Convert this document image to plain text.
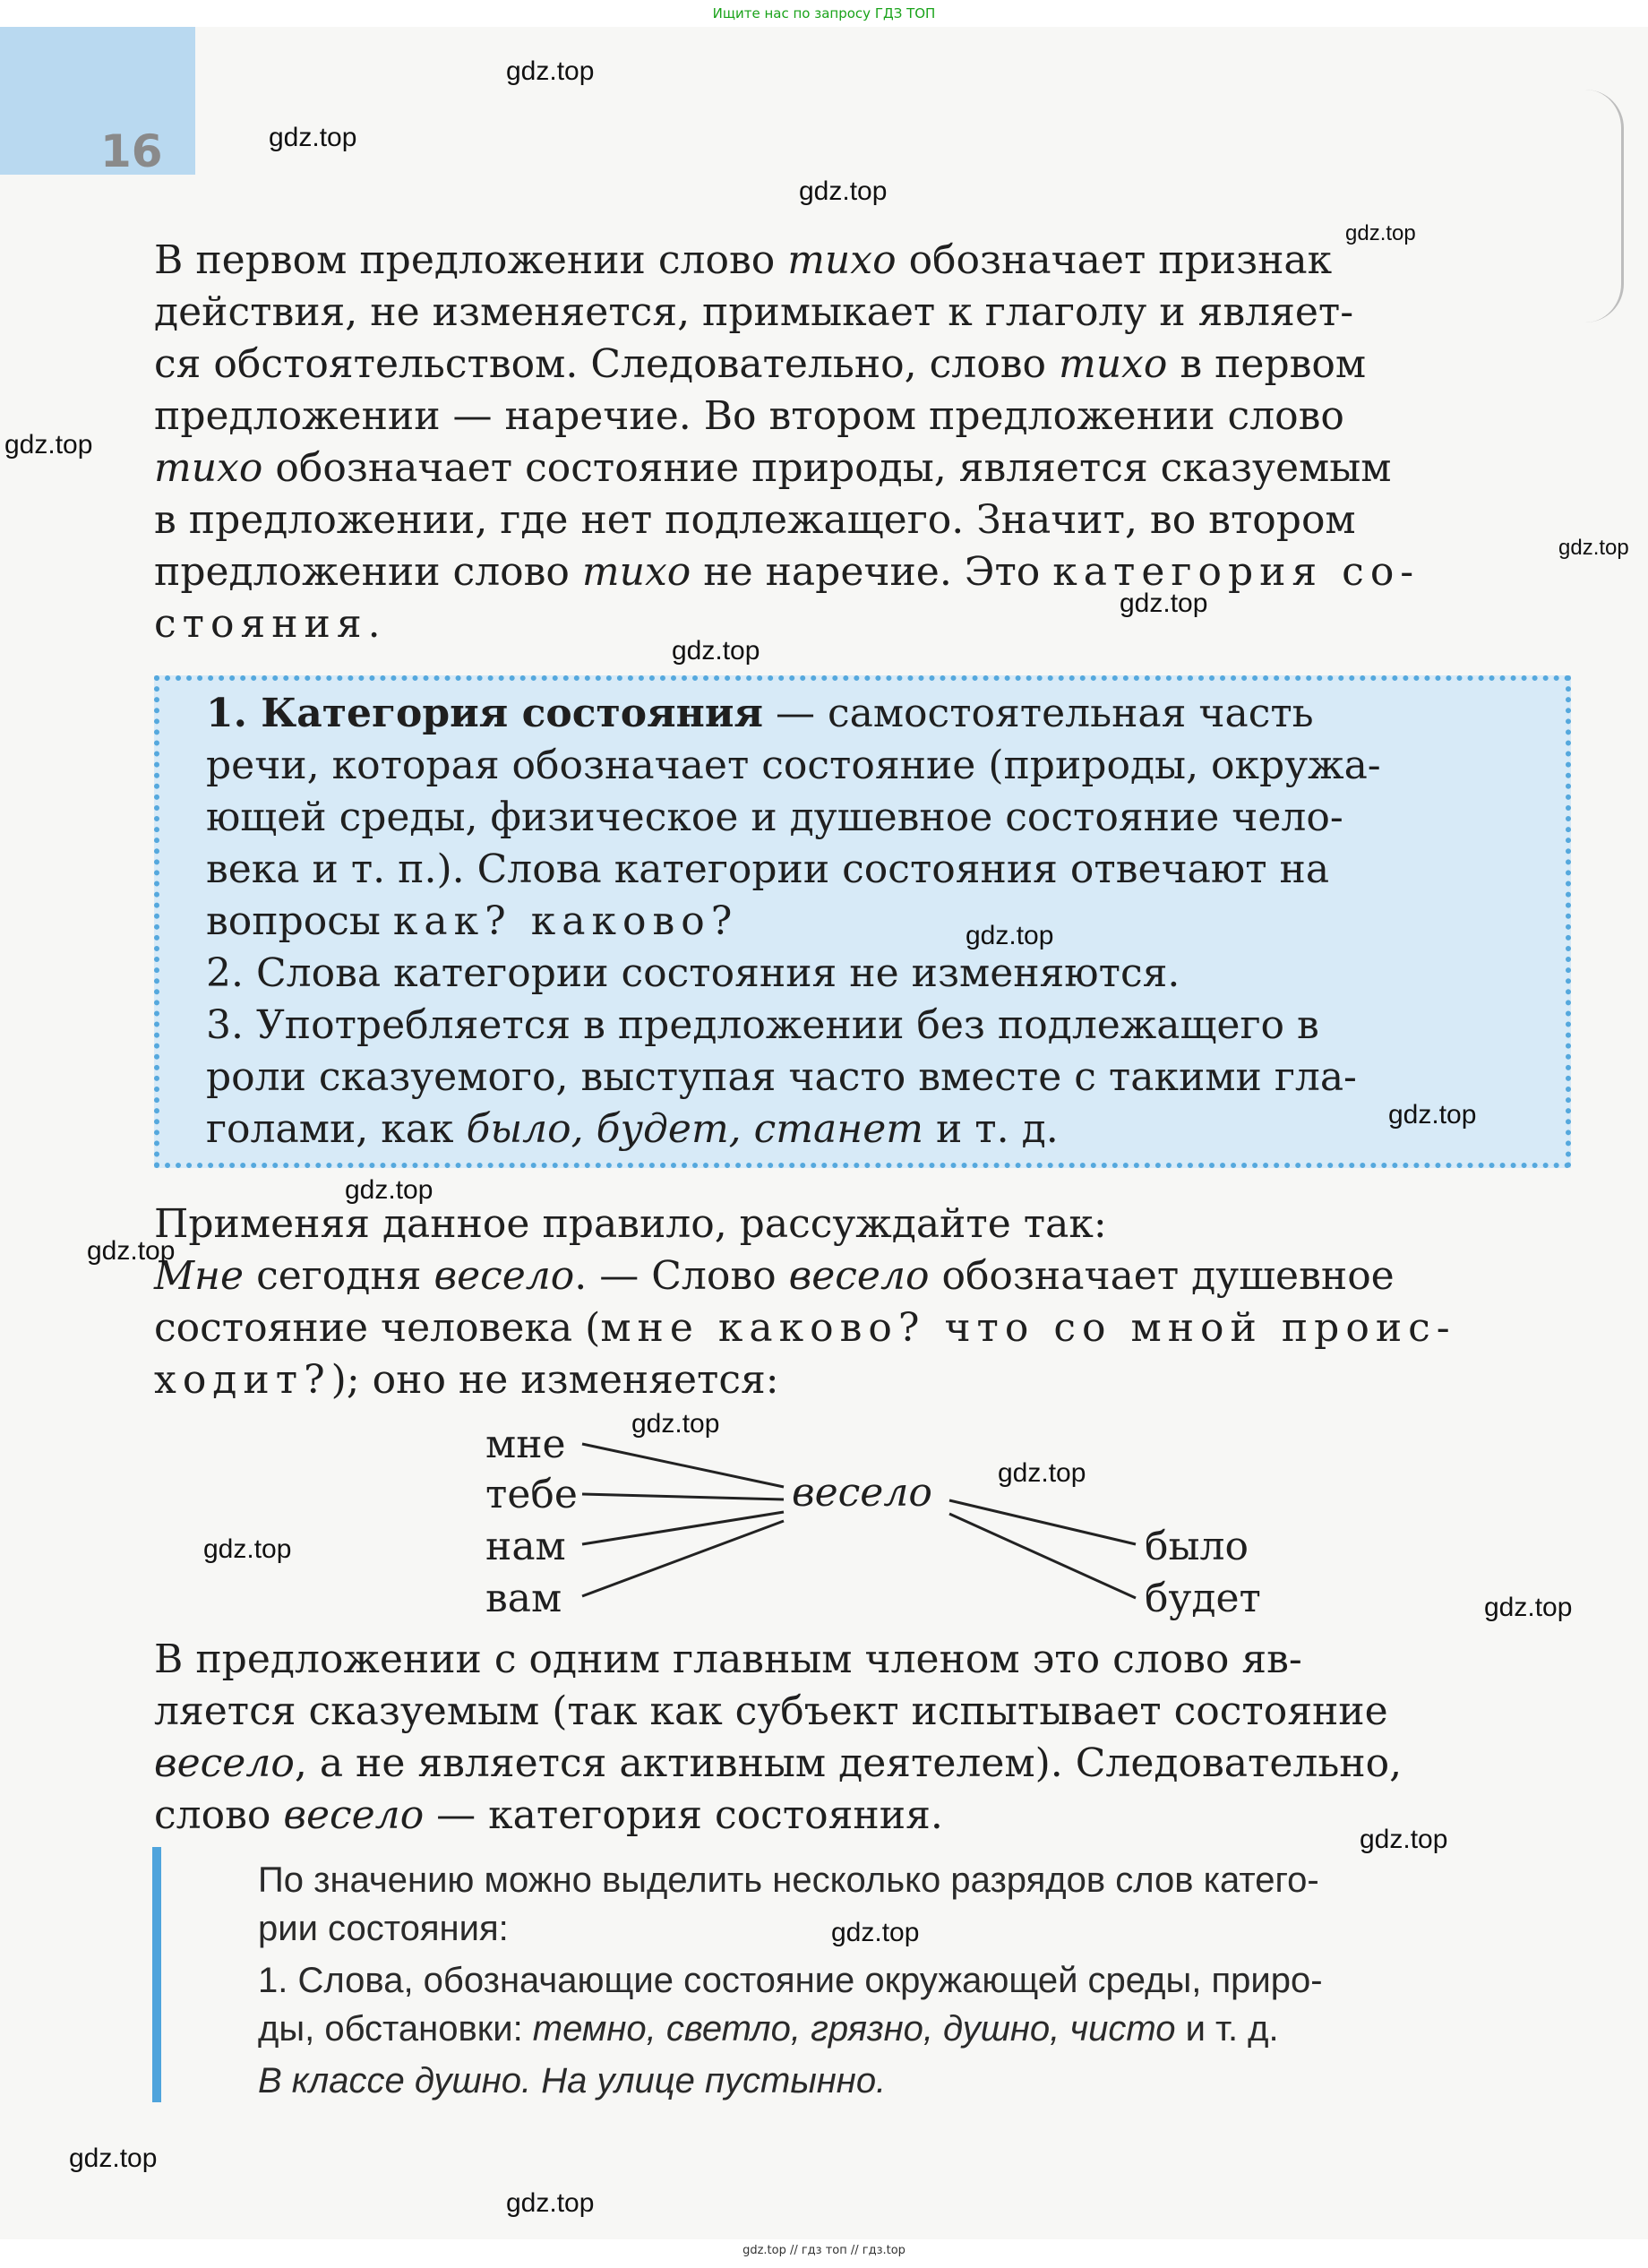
Ищите нас по запросу ГДЗ ТОП
16
В первом предложении слово тихо обозначает признак
действия, не изменяется, примыкает к глаголу и являет-
ся обстоятельством. Следовательно, слово тихо в первом
предложении — наречие. Во втором предложении слово
тихо обозначает состояние природы, является сказуемым
в предложении, где нет подлежащего. Значит, во втором
предложении слово тихо не наречие. Это категория со-
стояния.
1. Категория состояния — самостоятельная часть
речи, которая обозначает состояние (природы, окружа-
ющей среды, физическое и душевное состояние чело-
века и т. п.). Слова категории состояния отвечают на
вопросы как? каково?
2. Слова категории состояния не изменяются.
3. Употребляется в предложении без подлежащего в
роли сказуемого, выступая часто вместе с такими гла-
голами, как было, будет, станет и т. д.
Применяя данное правило, рассуждайте так:
Мне сегодня весело. — Слово весело обозначает душевное
состояние человека (мне каково? что со мной проис-
ходит?); оно не изменяется:
мне
тебе
нам
вам
весело
было
будет
В предложении с одним главным членом это слово яв-
ляется сказуемым (так как субъект испытывает состояние
весело, а не является активным деятелем). Следовательно,
слово весело — категория состояния.
По значению можно выделить несколько разрядов слов катего-
рии состояния:
1. Слова, обозначающие состояние окружающей среды, приро-
ды, обстановки: темно, светло, грязно, душно, чисто и т. д.
В классе душно. На улице пустынно.
gdz.top
gdz.top
gdz.top
gdz.top
gdz.top
gdz.top
gdz.top
gdz.top
gdz.top
gdz.top
gdz.top
gdz.top
gdz.top
gdz.top
gdz.top
gdz.top
gdz.top
gdz.top
gdz.top
gdz.top
gdz.top // гдз топ // гдз.top
